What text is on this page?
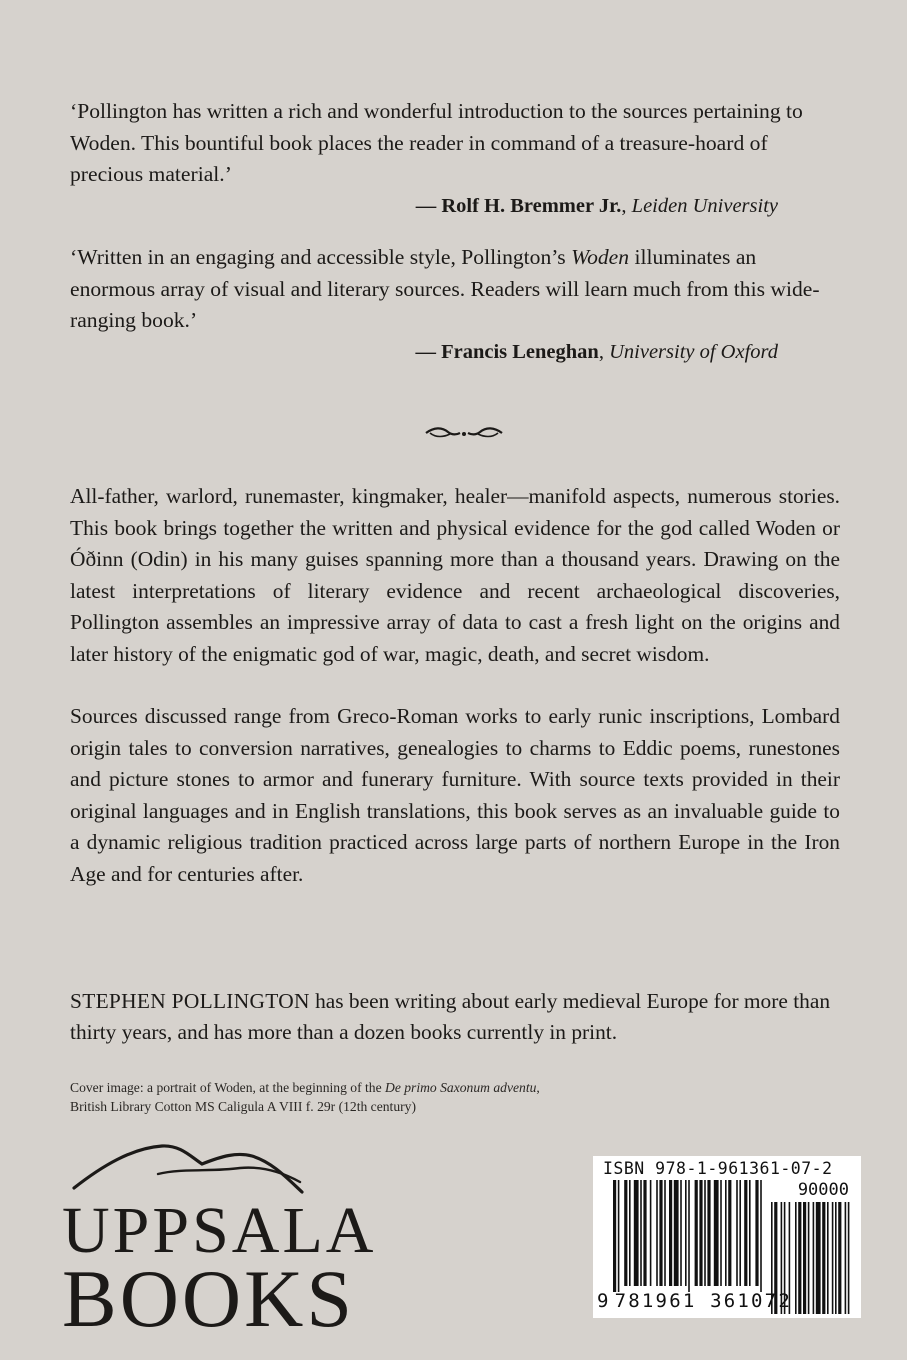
‘Pollington has written a rich and wonderful introduction to the sources pertaining to Woden. This bountiful book places the reader in command of a treasure-hoard of precious material.’

— Rolf H. Bremmer Jr., Leiden University

‘Written in an engaging and accessible style, Pollington’s Woden illuminates an enormous array of visual and literary sources. Readers will learn much from this wide-ranging book.’

— Francis Leneghan, University of Oxford

All-father, warlord, runemaster, kingmaker, healer—manifold aspects, numerous stories. This book brings together the written and physical evidence for the god called Woden or Óðinn (Odin) in his many guises spanning more than a thousand years. Drawing on the latest interpretations of literary evidence and recent archaeological discoveries, Pollington assembles an impressive array of data to cast a fresh light on the origins and later history of the enigmatic god of war, magic, death, and secret wisdom.

Sources discussed range from Greco-Roman works to early runic inscriptions, Lombard origin tales to conversion narratives, genealogies to charms to Eddic poems, runestones and picture stones to armor and funerary furniture. With source texts provided in their original languages and in English translations, this book serves as an invaluable guide to a dynamic religious tradition practiced across large parts of northern Europe in the Iron Age and for centuries after.

STEPHEN POLLINGTON has been writing about early medieval Europe for more than thirty years, and has more than a dozen books currently in print.
Cover image: a portrait of Woden, at the beginning of the De primo Saxonum adventu,
British Library Cotton MS Caligula A VIII f. 29r (12th century)
UPPSALA
BOOKS
ISBN 978-1-961361-07-2
90000
9 781961 361072
